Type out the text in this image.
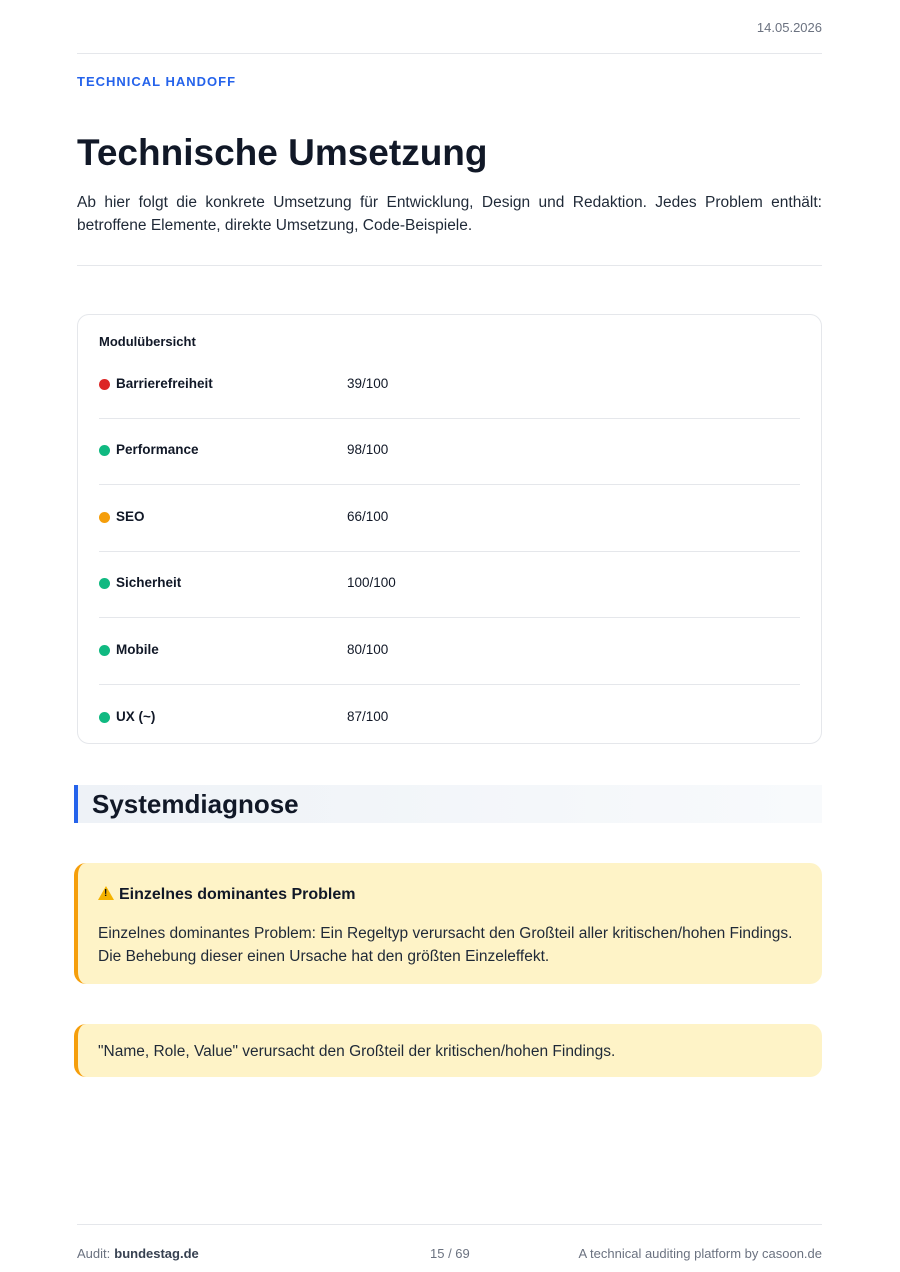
14.05.2026
TECHNICAL HANDOFF
Technische Umsetzung

Ab hier folgt die konkrete Umsetzung für Entwicklung, Design und Redaktion. Jedes Problem enthält: betroffene Elemente, direkte Umsetzung, Code-Beispiele.

Modulübersicht
Barrierefreiheit	39/100
Performance	98/100
SEO	66/100
Sicherheit	100/100
Mobile	80/100
UX (~)	87/100
Systemdiagnose
!Einzelnes dominantes Problem

Einzelnes dominantes Problem: Ein Regeltyp verursacht den Großteil aller kritischen/hohen Findings. Die Behebung dieser einen Ursache hat den größten Einzeleffekt.

"Name, Role, Value" verursacht den Großteil der kritischen/hohen Findings.

Audit: bundestag.de	15 / 69	A technical auditing platform by casoon.de
